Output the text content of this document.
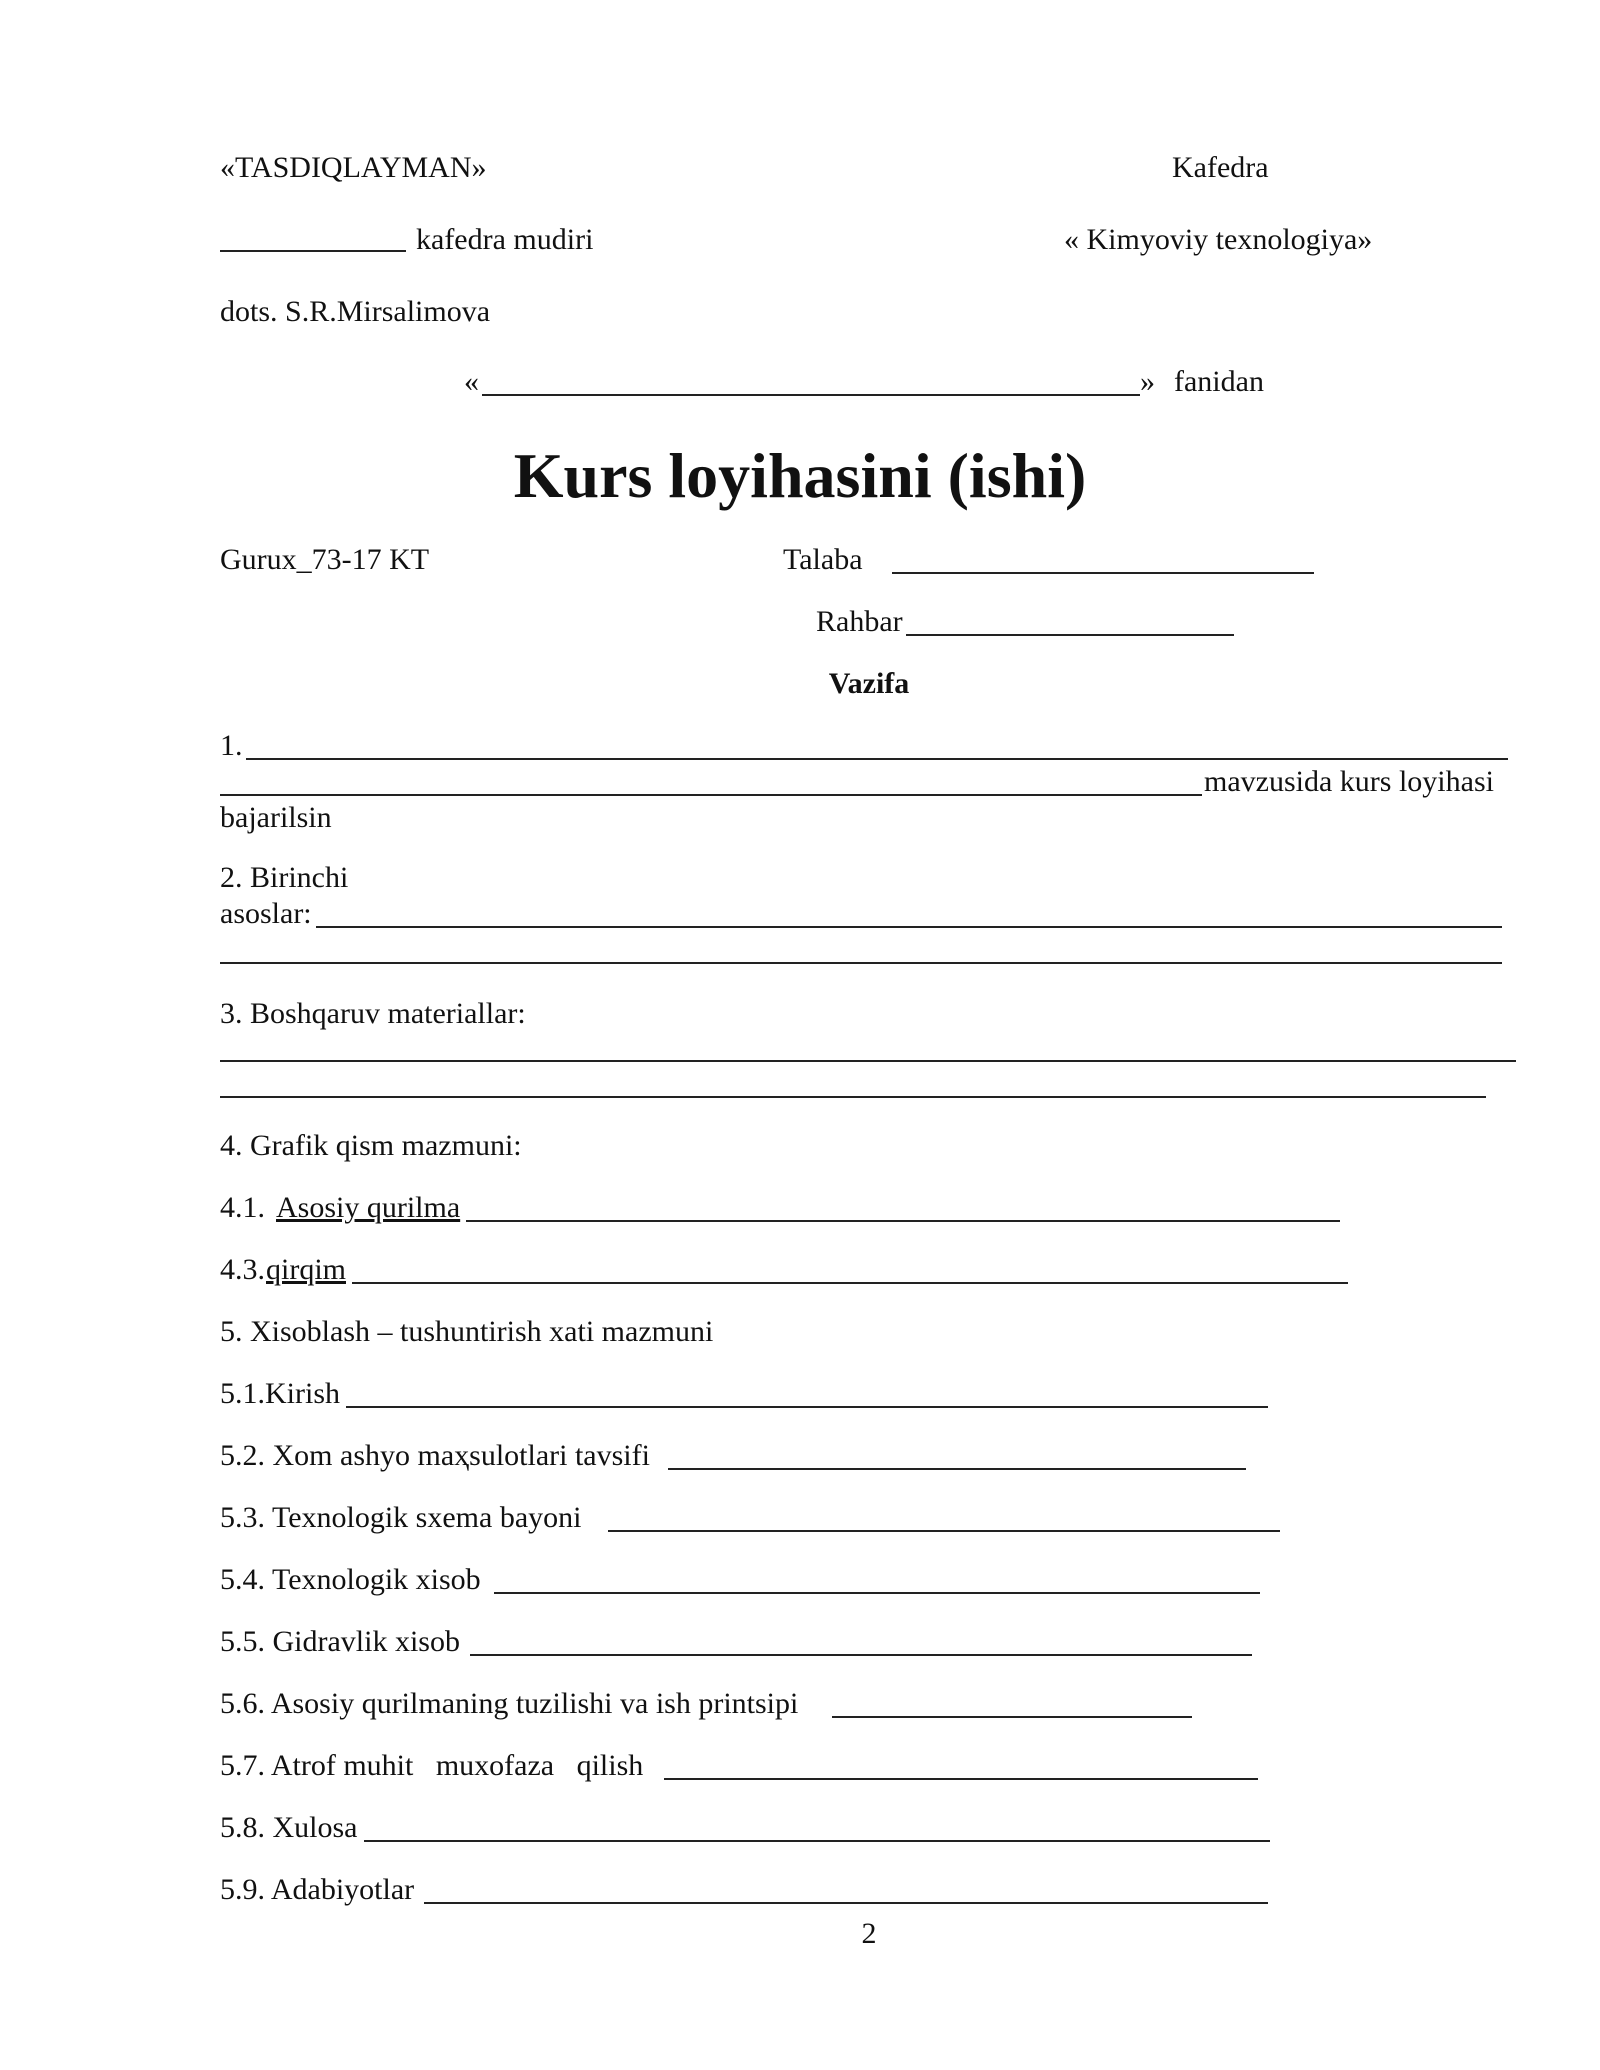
«TASDIQLAYMAN»	Kafedra
kafedra mudiri	« Kimyoviy texnologiya»
dots. S.R.Mirsalimova
«	» fanidan
Kurs loyihasini (ishi)
Gurux_73-17 KT	Talaba
Rahbar
Vazifa
1.
mavzusida kurs loyihasi
bajarilsin
2. Birinchi
asoslar:
3. Boshqaruv materiallar:
4. Grafik qism mazmuni:
4.1. Asosiy qurilma
4.3. qirqim
5. Xisoblash – tushuntirish xati mazmuni
5.1.Kirish
5.2. Xom ashyo maҳsulotlari tavsifi
5.3. Texnologik sxema bayoni
5.4. Texnologik xisob
5.5. Gidravlik xisob
5.6. Asosiy qurilmaning tuzilishi va ish printsipi
5.7. Atrof muhit   muxofaza   qilish
5.8. Xulosa
5.9. Adabiyotlar
2
